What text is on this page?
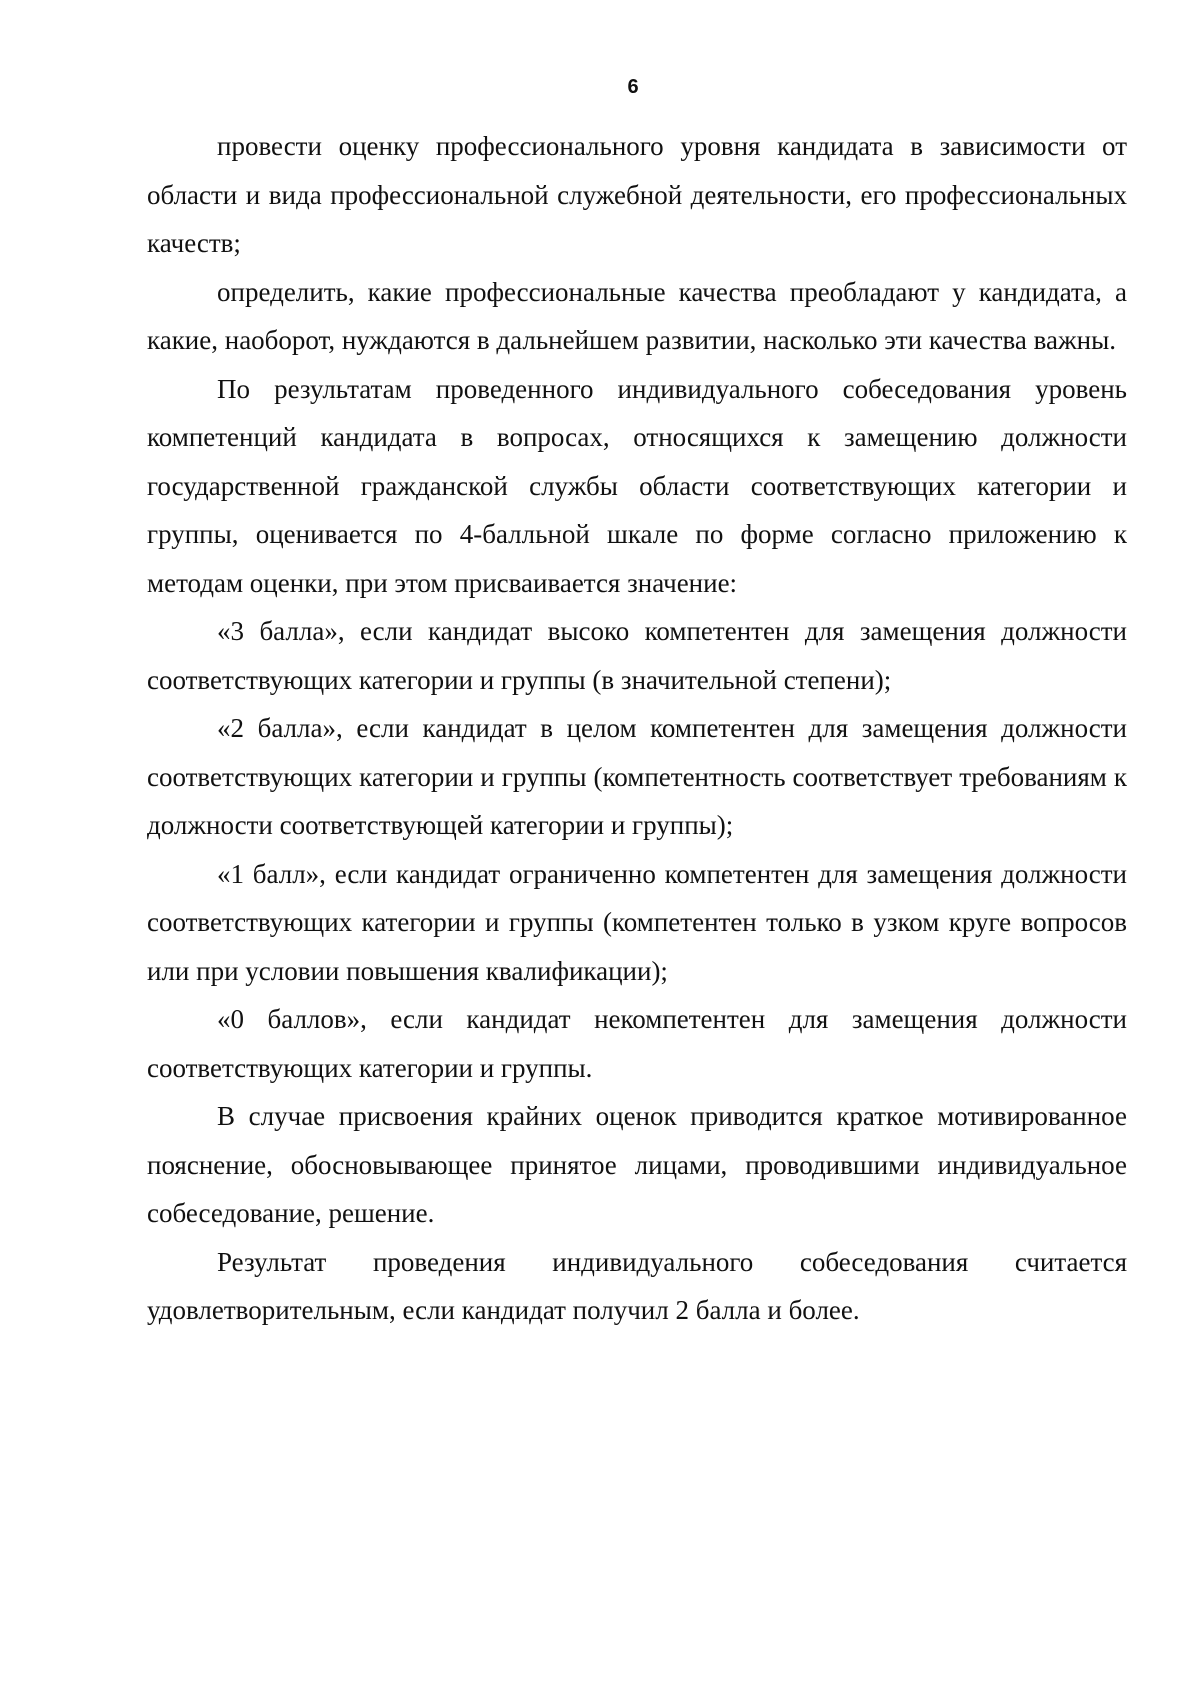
6

провести оценку профессионального уровня кандидата в зависимости от области и вида профессиональной служебной деятельности, его профессиональных качеств;

определить, какие профессиональные качества преобладают у кандидата, а какие, наоборот, нуждаются в дальнейшем развитии, насколько эти качества важны.

По результатам проведенного индивидуального собеседования уровень компетенций кандидата в вопросах, относящихся к замещению должности государственной гражданской службы области соответствующих категории и группы, оценивается по 4-балльной шкале по форме согласно приложению к методам оценки, при этом присваивается значение:

«3 балла», если кандидат высоко компетентен для замещения должности соответствующих категории и группы (в значительной степени);

«2 балла», если кандидат в целом компетентен для замещения должности соответствующих категории и группы (компетентность соответствует требованиям к должности соответствующей категории и группы);

«1 балл», если кандидат ограниченно компетентен для замещения должности соответствующих категории и группы (компетентен только в узком круге вопросов или при условии повышения квалификации);

«0 баллов», если кандидат некомпетентен для замещения должности соответствующих категории и группы.

В случае присвоения крайних оценок приводится краткое мотивированное пояснение, обосновывающее принятое лицами, проводившими индивидуальное собеседование, решение.

Результат проведения индивидуального собеседования считается удовлетворительным, если кандидат получил 2 балла и более.
